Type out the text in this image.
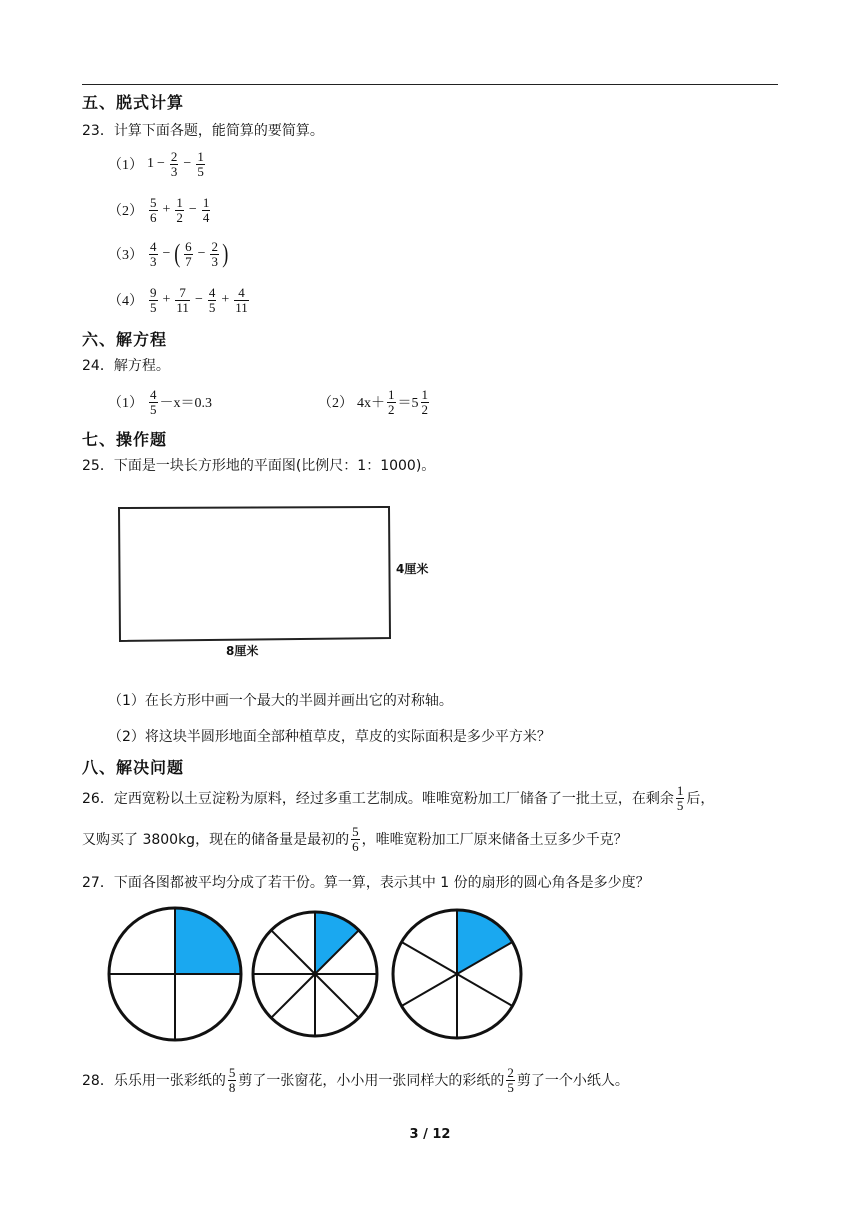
五、脱式计算
23．计算下面各题，能简算的要简算。
（1） $1 - \frac{2}{3} - \frac{1}{5}$
$(2) \frac{5}{6} + \frac{1}{2} - \frac{1}{4}$
$(3) \frac{4}{3}$ − ( $\frac{6}{7} - \frac{2}{3}$ )
$(4) \frac{9}{5} + \frac{7}{11} - \frac{4}{5} + \frac{4}{11}$
六、解方程
24．解方程。
$(1) \frac{4}{5} -x=0.3$	（2） $4x+ \frac{1}{2} =5 \frac{1}{2}$
七、操作题
25．下面是一块长方形地的平面图(比例尺：1：1000)。
4厘米
8厘米
（1）在长方形中画一个最大的半圆并画出它的对称轴。
（2）将这块半圆形地面全部种植草皮，草皮的实际面积是多少平方米？
八、解决问题
26． 定西宽粉以土豆淀粉为原料，经过多重工艺制成。唯唯宽粉加工厂储备了一批土豆，在剩余 $\frac{1}{5}$ 后，
又购买了 3800kg，现在的储备量是最初的 $\frac{5}{6}$ ，唯唯宽粉加工厂原来储备土豆多少千克？
27．下面各图都被平均分成了若干份。算一算，表示其中 1 份的扇形的圆心角各是多少度？
28． 乐乐用一张彩纸的 $\frac{5}{8}$ 剪了一张窗花，小小用一张同样大的彩纸的 $\frac{2}{5}$ 剪了一个小纸人。
3 / 12
